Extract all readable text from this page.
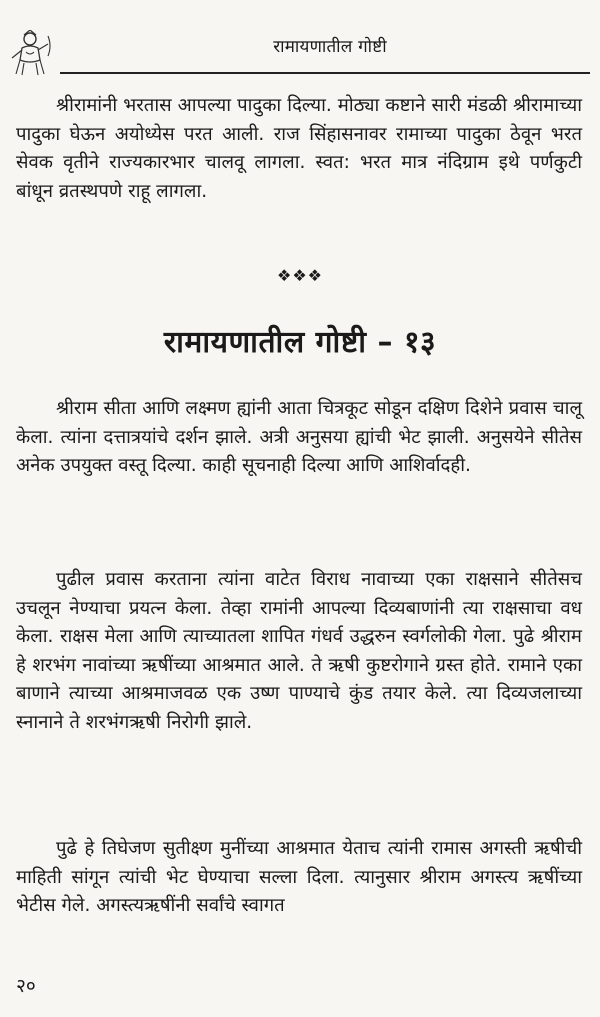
रामायणातील गोष्टी

श्रीरामांनी भरतास आपल्या पादुका दिल्या. मोठ्या कष्टाने सारी मंडळी श्रीरामाच्या पादुका घेऊन अयोध्येस परत आली. राज सिंहासनावर रामाच्या पादुका ठेवून भरत सेवक वृतीने राज्यकारभार चालवू लागला. स्वत: भरत मात्र नंदिग्राम इथे पर्णकुटी बांधून व्रतस्थपणे राहू लागला.

❖❖❖
रामायणातील गोष्टी – १३

श्रीराम सीता आणि लक्ष्मण ह्यांनी आता चित्रकूट सोडून दक्षिण दिशेने प्रवास चालू केला. त्यांना दत्तात्रयांचे दर्शन झाले. अत्री अनुसया ह्यांची भेट झाली. अनुसयेने सीतेस अनेक उपयुक्त वस्तू दिल्या. काही सूचनाही दिल्या आणि आशिर्वादही.

पुढील प्रवास करताना त्यांना वाटेत विराध नावाच्या एका राक्षसाने सीतेसच उचलून नेण्याचा प्रयत्न केला. तेव्हा रामांनी आपल्या दिव्यबाणांनी त्या राक्षसाचा वध केला. राक्षस मेला आणि त्याच्यातला शापित गंधर्व उद्धरुन स्वर्गलोकी गेला. पुढे श्रीराम हे शरभंग नावांच्या ऋषींच्या आश्रमात आले. ते ऋषी कुष्टरोगाने ग्रस्त होते. रामाने एका बाणाने त्याच्या आश्रमाजवळ एक उष्ण पाण्याचे कुंड तयार केले. त्या दिव्यजलाच्या स्नानाने ते शरभंगऋषी निरोगी झाले.

पुढे हे तिघेजण सुतीक्ष्ण मुनींच्या आश्रमात येताच त्यांनी रामास अगस्ती ऋषीची माहिती सांगून त्यांची भेट घेण्याचा सल्ला दिला. त्यानुसार श्रीराम अगस्त्य ऋषींच्या भेटीस गेले. अगस्त्यऋषींनी सर्वांचे स्वागत

२०
